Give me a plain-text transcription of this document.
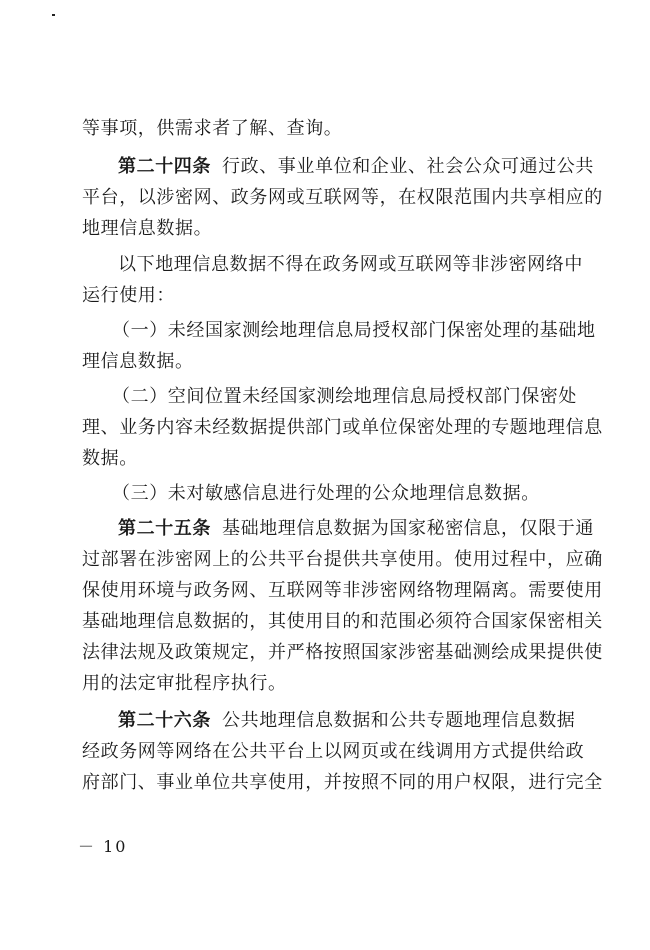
等事项，供需求者了解、查询。
第二十四条 行政、事业单位和企业、社会公众可通过公共
平台，以涉密网、政务网或互联网等，在权限范围内共享相应的
地理信息数据。
以下地理信息数据不得在政务网或互联网等非涉密网络中
运行使用：
（一）未经国家测绘地理信息局授权部门保密处理的基础地
理信息数据。
（二）空间位置未经国家测绘地理信息局授权部门保密处
理、业务内容未经数据提供部门或单位保密处理的专题地理信息
数据。
（三）未对敏感信息进行处理的公众地理信息数据。
第二十五条 基础地理信息数据为国家秘密信息，仅限于通
过部署在涉密网上的公共平台提供共享使用。使用过程中，应确
保使用环境与政务网、互联网等非涉密网络物理隔离。需要使用
基础地理信息数据的，其使用目的和范围必须符合国家保密相关
法律法规及政策规定，并严格按照国家涉密基础测绘成果提供使
用的法定审批程序执行。
第二十六条 公共地理信息数据和公共专题地理信息数据
经政务网等网络在公共平台上以网页或在线调用方式提供给政
府部门、事业单位共享使用，并按照不同的用户权限，进行完全
－ 10
